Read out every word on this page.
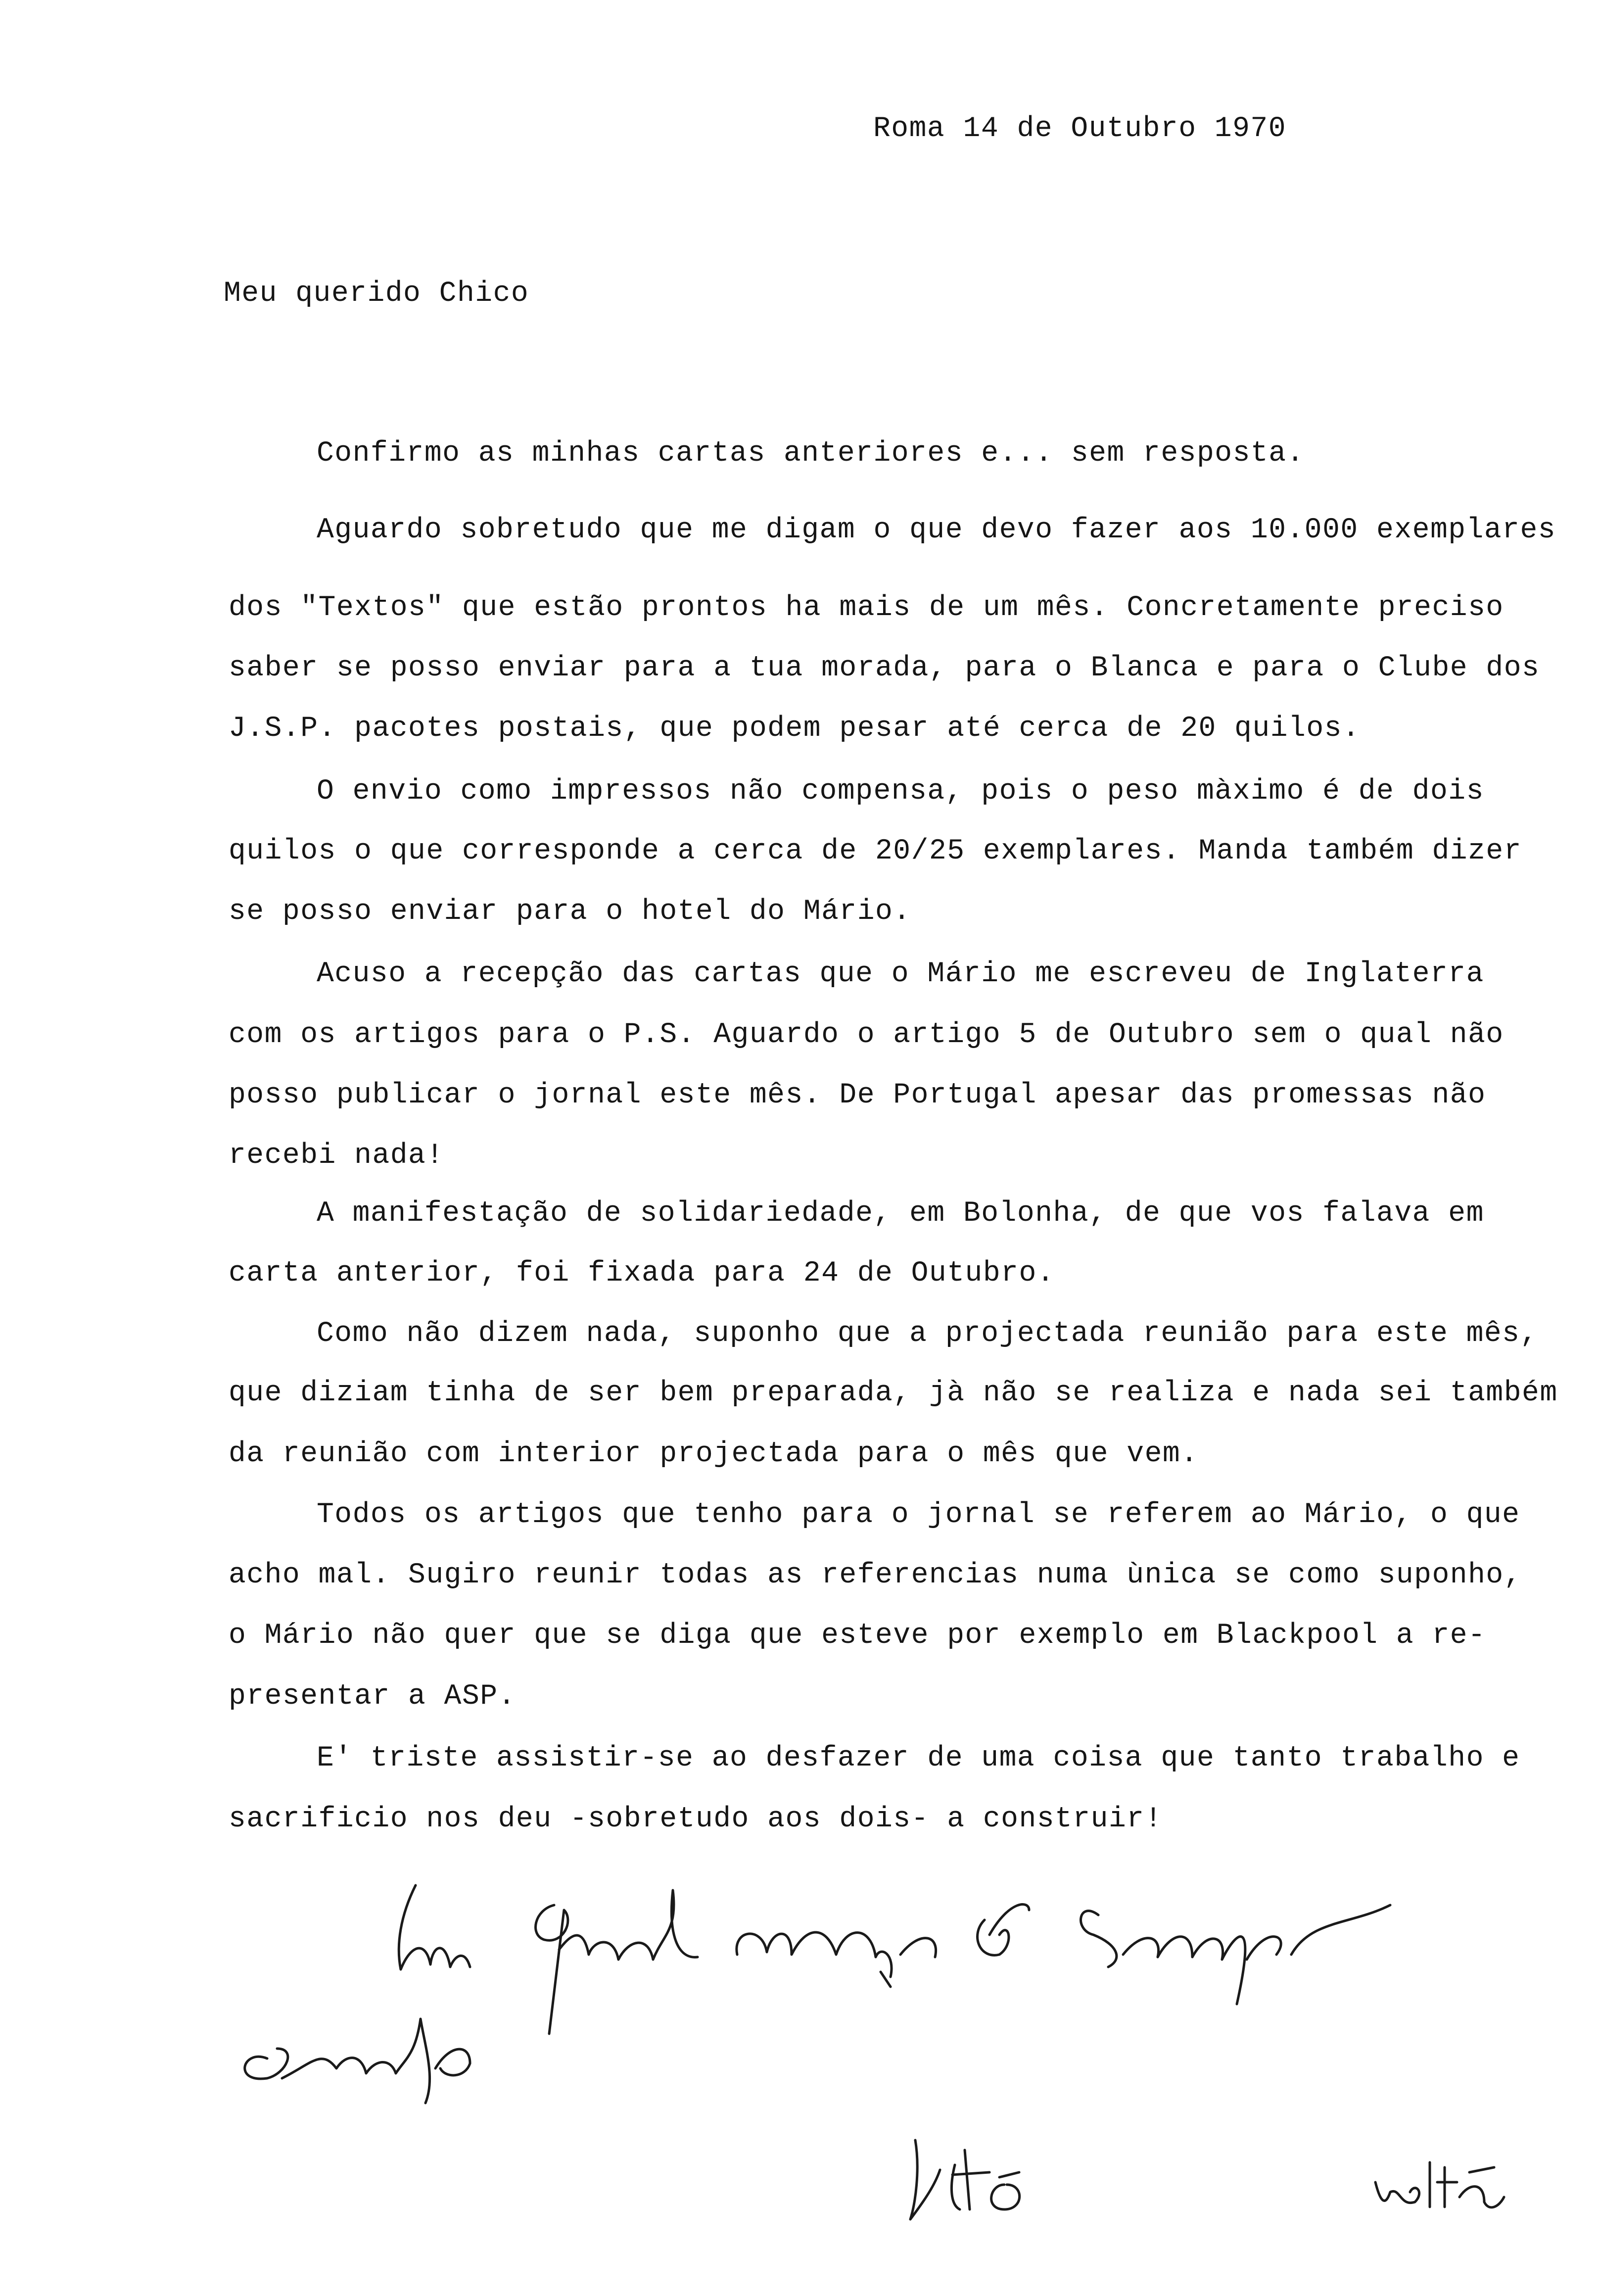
Roma 14 de Outubro 1970
Meu querido Chico
Confirmo as minhas cartas anteriores e... sem resposta.
Aguardo sobretudo que me digam o que devo fazer aos 10.000 exemplares
dos "Textos" que estão prontos ha mais de um mês. Concretamente preciso
saber se posso enviar para a tua morada, para o Blanca e para o Clube dos
J.S.P. pacotes postais, que podem pesar até cerca de 20 quilos.
O envio como impressos não compensa, pois o peso màximo é de dois
quilos o que corresponde a cerca de 20/25 exemplares. Manda também dizer
se posso enviar para o hotel do Mário.
Acuso a recepção das cartas que o Mário me escreveu de Inglaterra
com os artigos para o P.S. Aguardo o artigo 5 de Outubro sem o qual não
posso publicar o jornal este mês. De Portugal apesar das promessas não
recebi nada!
A manifestação de solidariedade, em Bolonha, de que vos falava em
carta anterior, foi fixada para 24 de Outubro.
Como não dizem nada, suponho que a projectada reunião para este mês,
que diziam tinha de ser bem preparada, jà não se realiza e nada sei também
da reunião com interior projectada para o mês que vem.
Todos os artigos que tenho para o jornal se referem ao Mário, o que
acho mal. Sugiro reunir todas as referencias numa ùnica se como suponho,
o Mário não quer que se diga que esteve por exemplo em Blackpool a re-
presentar a ASP.
E' triste assistir-se ao desfazer de uma coisa que tanto trabalho e
sacrificio nos deu -sobretudo aos dois- a construir!
